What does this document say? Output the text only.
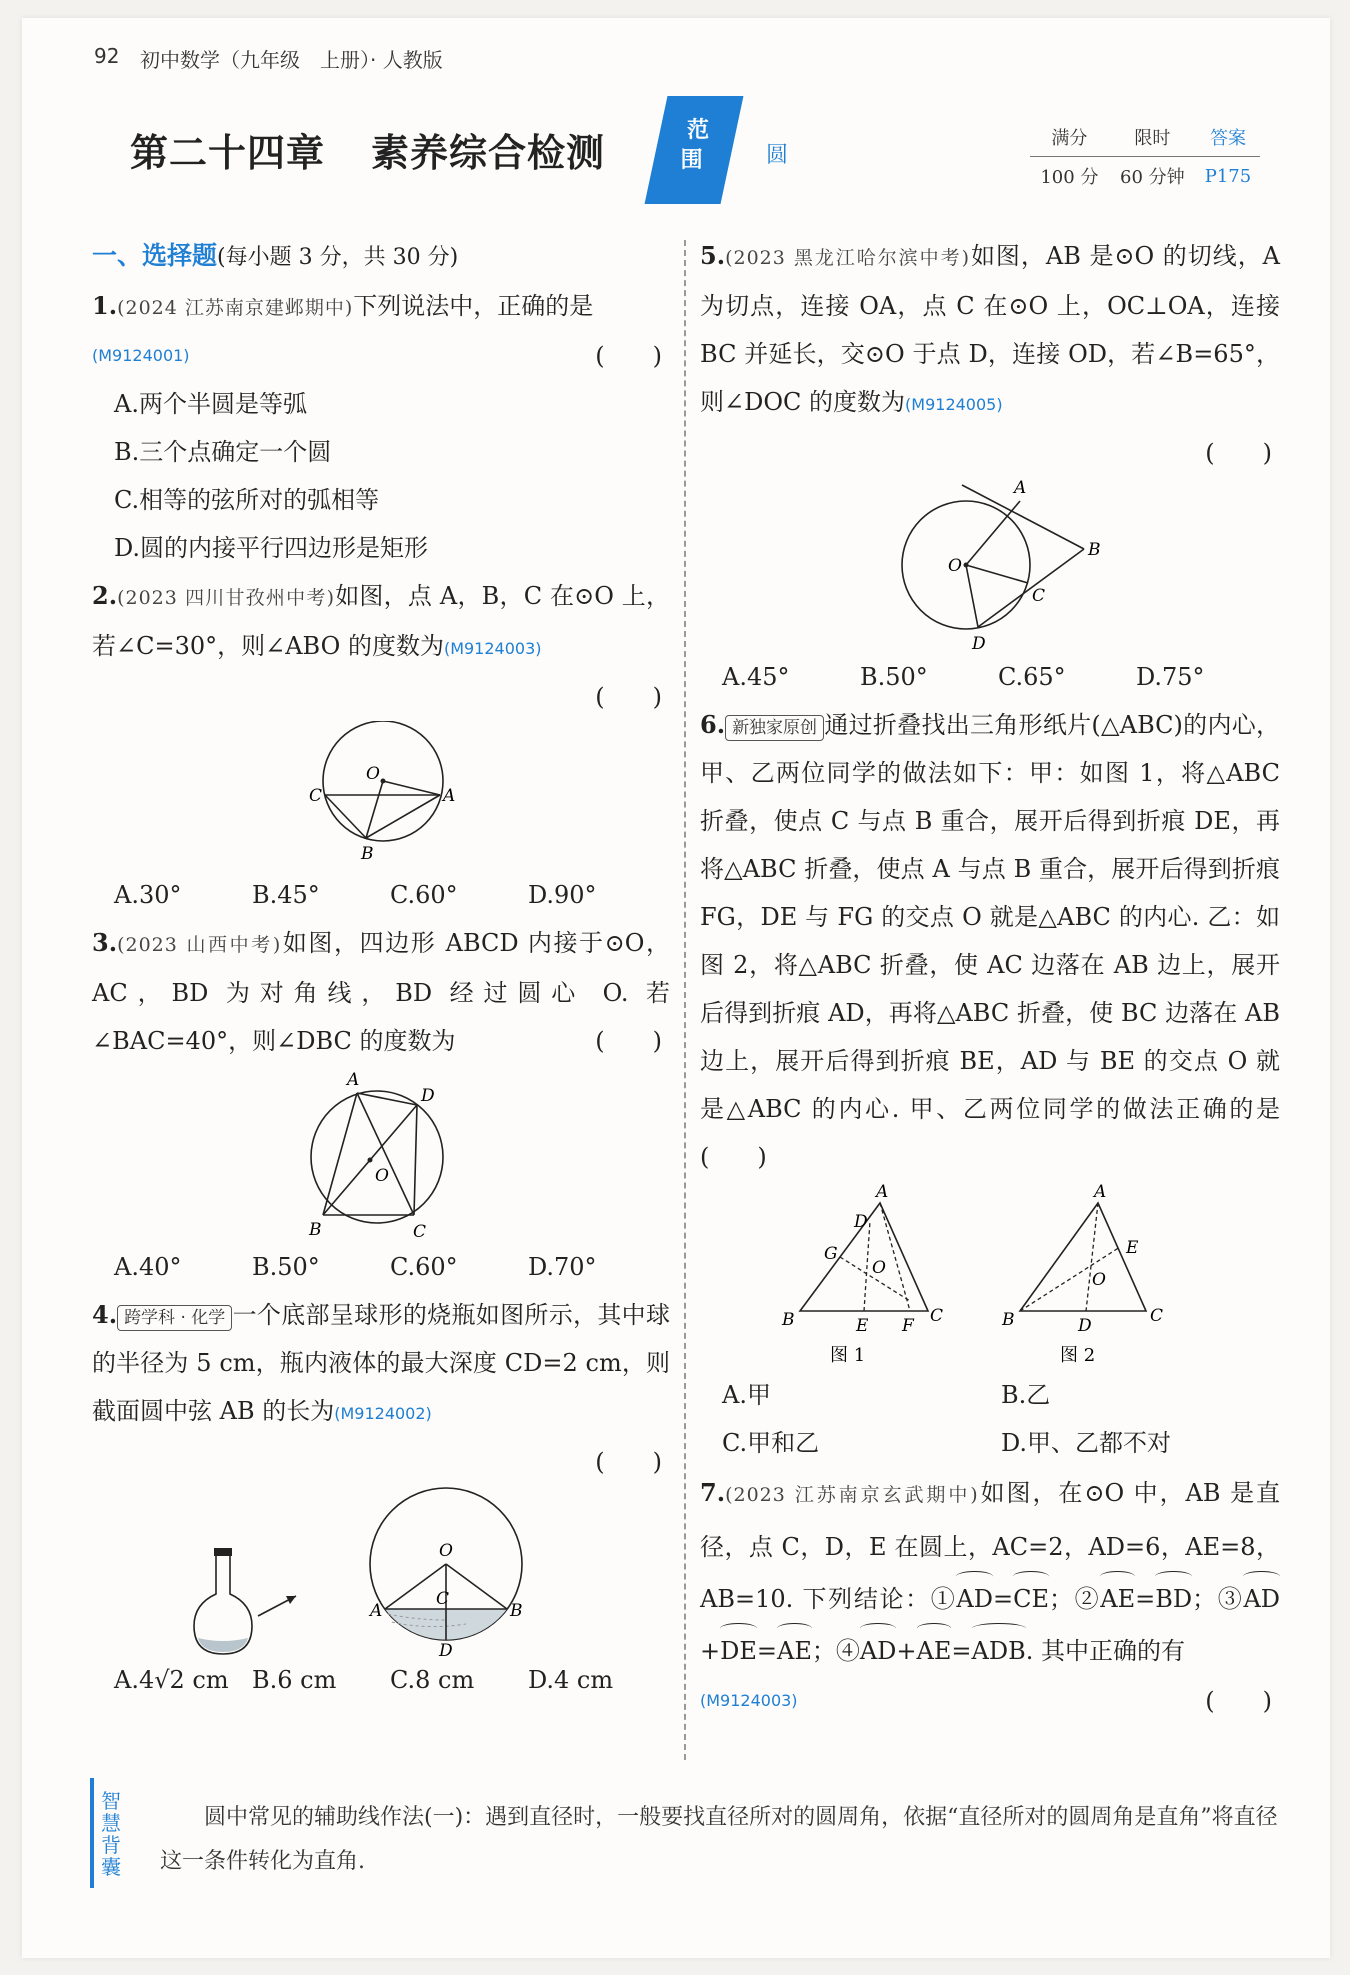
92 初中数学（九年级　上册）· 人教版
第二十四章 素养综合检测
范
围	圆
满分	限时	答案
100 分	60 分钟	P175
一、选择题(每小题 3 分，共 30 分)
1.(2024 江苏南京建邺期中)下列说法中，正确的是
(M9124001)	(　　)
A.两个半圆是等弧
B.三个点确定一个圆
C.相等的弦所对的弧相等
D.圆的内接平行四边形是矩形
2.(2023 四川甘孜州中考)如图，点 A，B，C 在⊙O 上，若∠C=30°，则∠ABO 的度数为(M9124003)
(　　)
O
C	A
B
A.30°	B.45°	C.60°	D.90°
3.(2023 山西中考)如图，四边形 ABCD 内接于⊙O，AC，BD 为对角线，BD 经过圆心 O. 若∠BAC=40°，则∠DBC 的度数为	(　　)
A
D
O
B	C
A.40°	B.50°	C.60°	D.70°
4. 跨学科 · 化学 一个底部呈球形的烧瓶如图所示，其中球的半径为 5 cm，瓶内液体的最大深度 CD=2 cm，则截面圆中弦 AB 的长为(M9124002)
(　　)
O
C
A	B
D
A.4√2 cm B.6 cm	C.8 cm	D.4 cm
5.(2023 黑龙江哈尔滨中考)如图，AB 是⊙O 的切线，A 为切点，连接 OA，点 C 在⊙O 上，OC⊥OA，连接 BC 并延长，交⊙O 于点 D，连接 OD，若∠B=65°，则∠DOC 的度数为(M9124005)
(　　)
A
B
O
C
D
A.45°	B.50°	C.65°	D.75°
6. 新独家原创 通过折叠找出三角形纸片(△ABC)的内心，甲、乙两位同学的做法如下：甲：如图 1，将△ABC 折叠，使点 C 与点 B 重合，展开后得到折痕 DE，再将△ABC 折叠，使点 A 与点 B 重合，展开后得到折痕 FG，DE 与 FG 的交点 O 就是△ABC 的内心. 乙：如图 2，将△ABC 折叠，使 AC 边落在 AB 边上，展开后得到折痕 AD，再将△ABC 折叠，使 BC 边落在 AB 边上，展开后得到折痕 BE，AD 与 BE 的交点 O 就是△ABC 的内心. 甲、乙两位同学的做法正确的是(　　)
A
D
G
O
B	E F C
图 1
A
E
O
B	D	C
图 2
A.甲	B.乙
C.甲和乙	D.甲、乙都不对
7.(2023 江苏南京玄武期中)如图，在⊙O 中，AB 是直径，点 C，D，E 在圆上，AC=2，AD=6，AE=8，AB=10. 下列结论：①AD=CE；②AE=BD；③AD+DE=AE；④AD+AE=ADB. 其中正确的有
(M9124003)	(　　)
智慧背囊
圆中常见的辅助线作法(一)：遇到直径时，一般要找直径所对的圆周角，依据“直径所对的圆周角是直角”将直径这一条件转化为直角.
